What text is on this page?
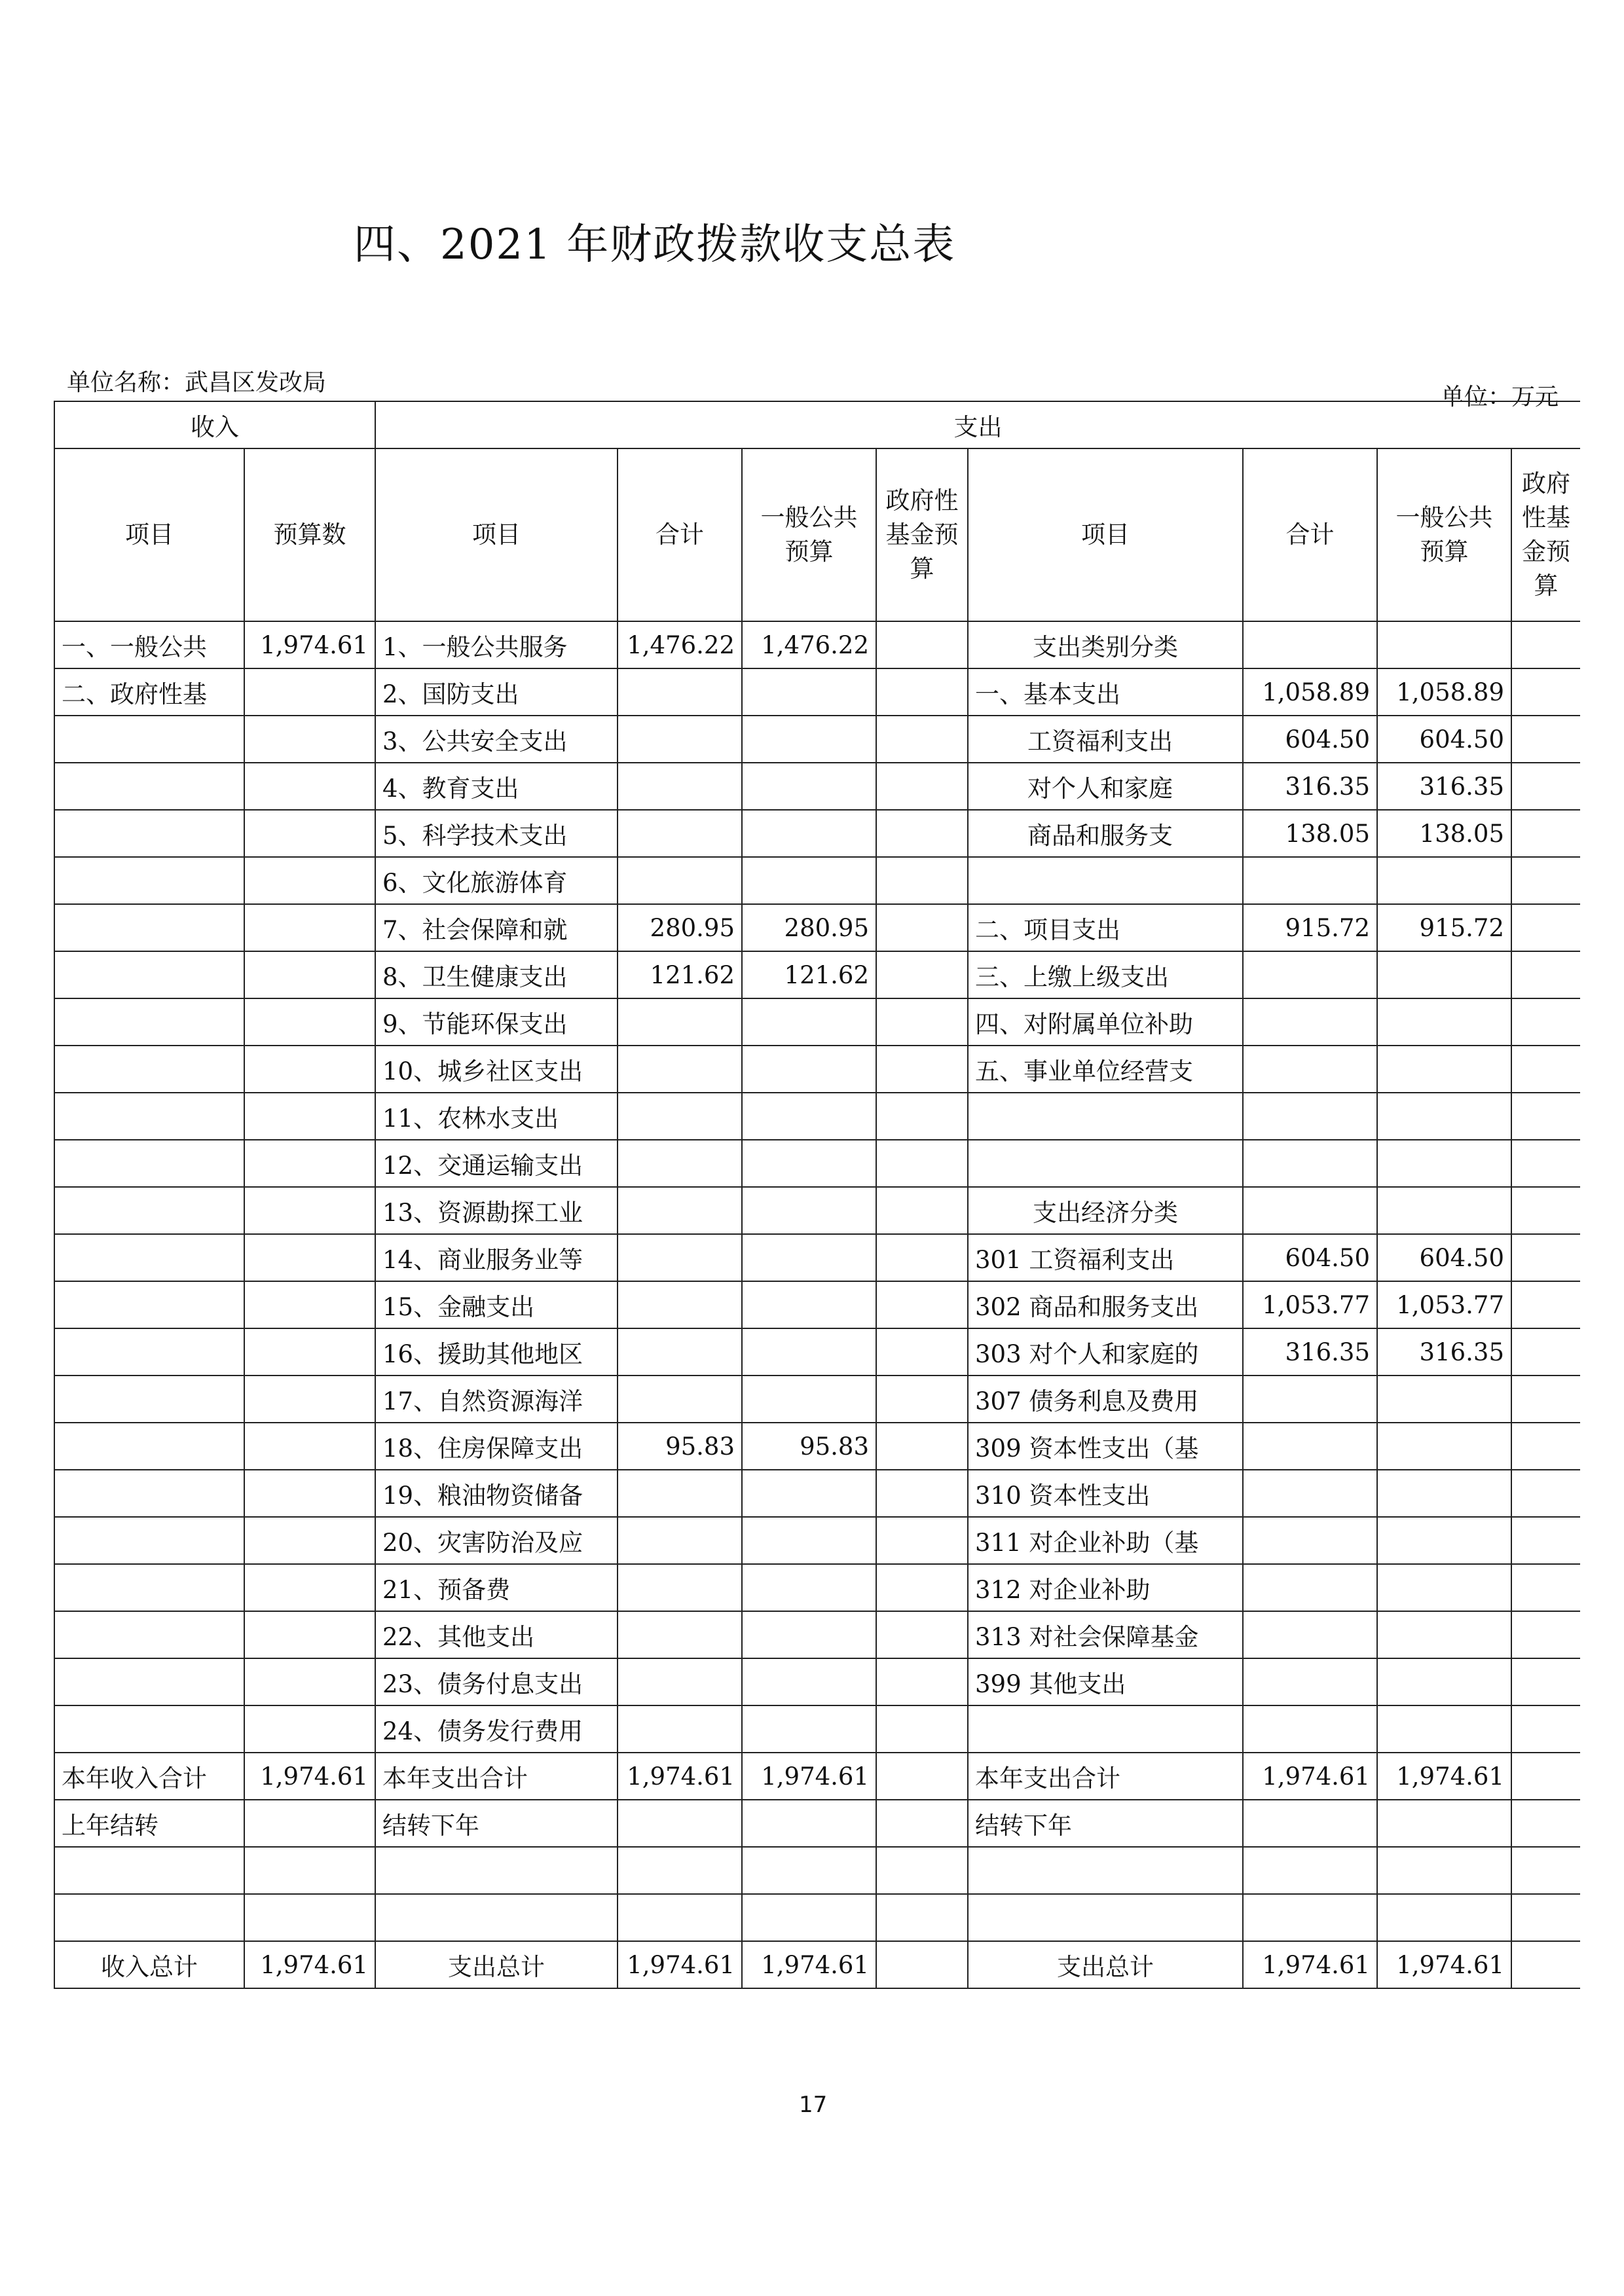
四、2021 年财政拨款收支总表
单位名称：武昌区发改局
单位：万元
收入		支出							
项目	预算数	项目	合计	一般公共预算	政府性基金预算	项目	合计	一般公共预算	政府性基金预算
一、一般公共	1,974.61	1、一般公共服务	1,476.22	1,476.22		支出类别分类			
二、政府性基		2、国防支出				一、基本支出	1,058.89	1,058.89	
		3、公共安全支出				工资福利支出	604.50	604.50	
		4、教育支出				对个人和家庭	316.35	316.35	
		5、科学技术支出				商品和服务支	138.05	138.05	
		6、文化旅游体育							
		7、社会保障和就	280.95	280.95		二、项目支出	915.72	915.72	
		8、卫生健康支出	121.62	121.62		三、上缴上级支出			
		9、节能环保支出				四、对附属单位补助			
		10、城乡社区支出				五、事业单位经营支			
		11、农林水支出							
		12、交通运输支出							
		13、资源勘探工业				支出经济分类			
		14、商业服务业等				301 工资福利支出	604.50	604.50	
		15、金融支出				302 商品和服务支出	1,053.77	1,053.77	
		16、援助其他地区				303 对个人和家庭的	316.35	316.35	
		17、自然资源海洋				307 债务利息及费用			
		18、住房保障支出	95.83	95.83		309 资本性支出（基			
		19、粮油物资储备				310 资本性支出			
		20、灾害防治及应				311 对企业补助（基			
		21、预备费				312 对企业补助			
		22、其他支出				313 对社会保障基金			
		23、债务付息支出				399 其他支出			
		24、债务发行费用							
本年收入合计	1,974.61	本年支出合计	1,974.61	1,974.61		本年支出合计	1,974.61	1,974.61	
上年结转		结转下年				结转下年			

收入总计	1,974.61	支出总计	1,974.61	1,974.61		支出总计	1,974.61	1,974.61	
17
